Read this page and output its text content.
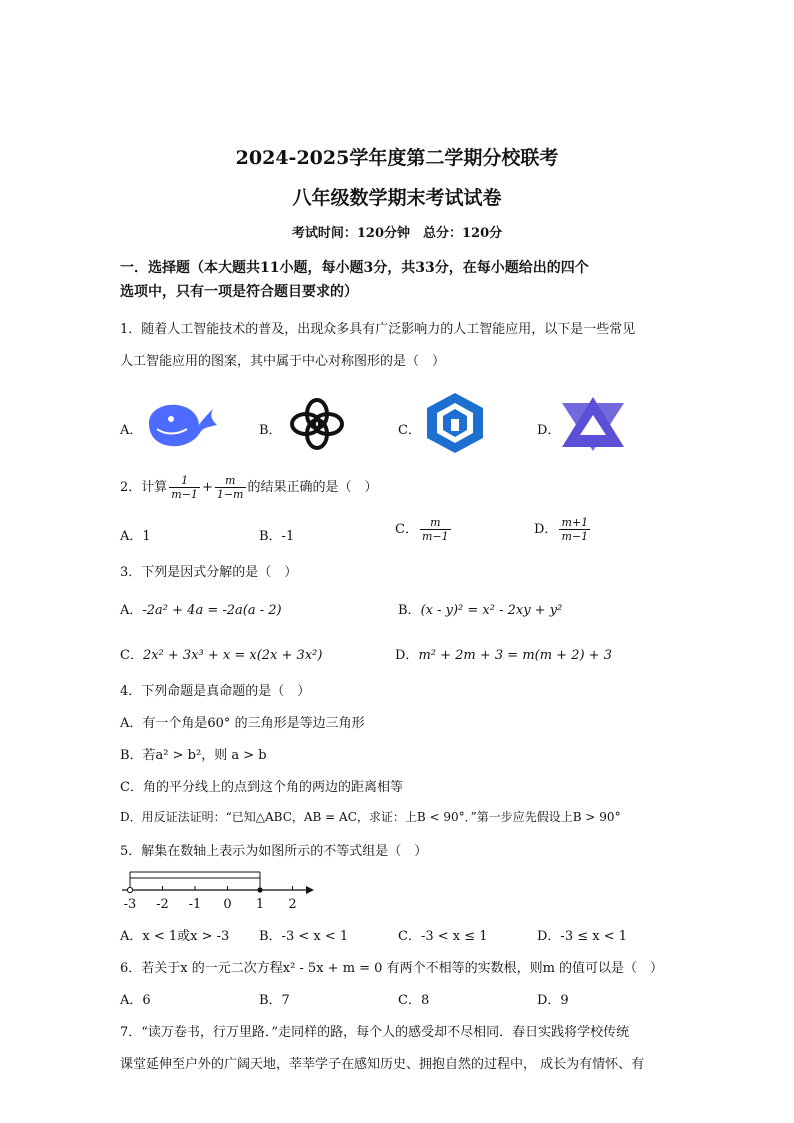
2024-2025学年度第二学期分校联考
八年级数学期末考试试卷
考试时间：120分钟　总分：120分
一．选择题（本大题共11小题，每小题3分，共33分，在每小题给出的四个
选项中，只有一项是符合题目要求的）
1．随着人工智能技术的普及，出现众多具有广泛影响力的人工智能应用，以下是一些常见
人工智能应用的图案，其中属于中心对称图形的是（　）
A．	B．	C．	D．
2．计算 $\frac{1}{m-1} + \frac{m}{1-m}$ 的结果正确的是（　）
A．1	B．-1	C． $\frac{m}{m-1}$	D． $\frac{m+1}{m-1}$
3．下列是因式分解的是（　）
A．-2a² + 4a = -2a(a - 2)	B．(x - y)² = x² - 2xy + y²
C．2x² + 3x³ + x = x(2x + 3x²)	D．m² + 2m + 3 = m(m + 2) + 3
4．下列命题是真命题的是（　）
A．有一个角是60° 的三角形是等边三角形
B．若a² > b²，则 a > b
C．角的平分线上的点到这个角的两边的距离相等
D．用反证法证明：“已知△ABC，AB = AC，求证：上B < 90°．”第一步应先假设上B > 90°
5．解集在数轴上表示为如图所示的不等式组是（　）
-3 -2 -1 0 1 2
A．x < 1或x > -3 B．-3 < x < 1	C．-3 < x ≤ 1	D．-3 ≤ x < 1
6．若关于x 的一元二次方程x² - 5x + m = 0 有两个不相等的实数根，则m 的值可以是（　）
A．6	B．7	C．8	D．9
7．“读万卷书，行万里路．”走同样的路，每个人的感受却不尽相同．春日实践将学校传统
课堂延伸至户外的广阔天地，莘莘学子在感知历史、拥抱自然的过程中， 成长为有情怀、有
